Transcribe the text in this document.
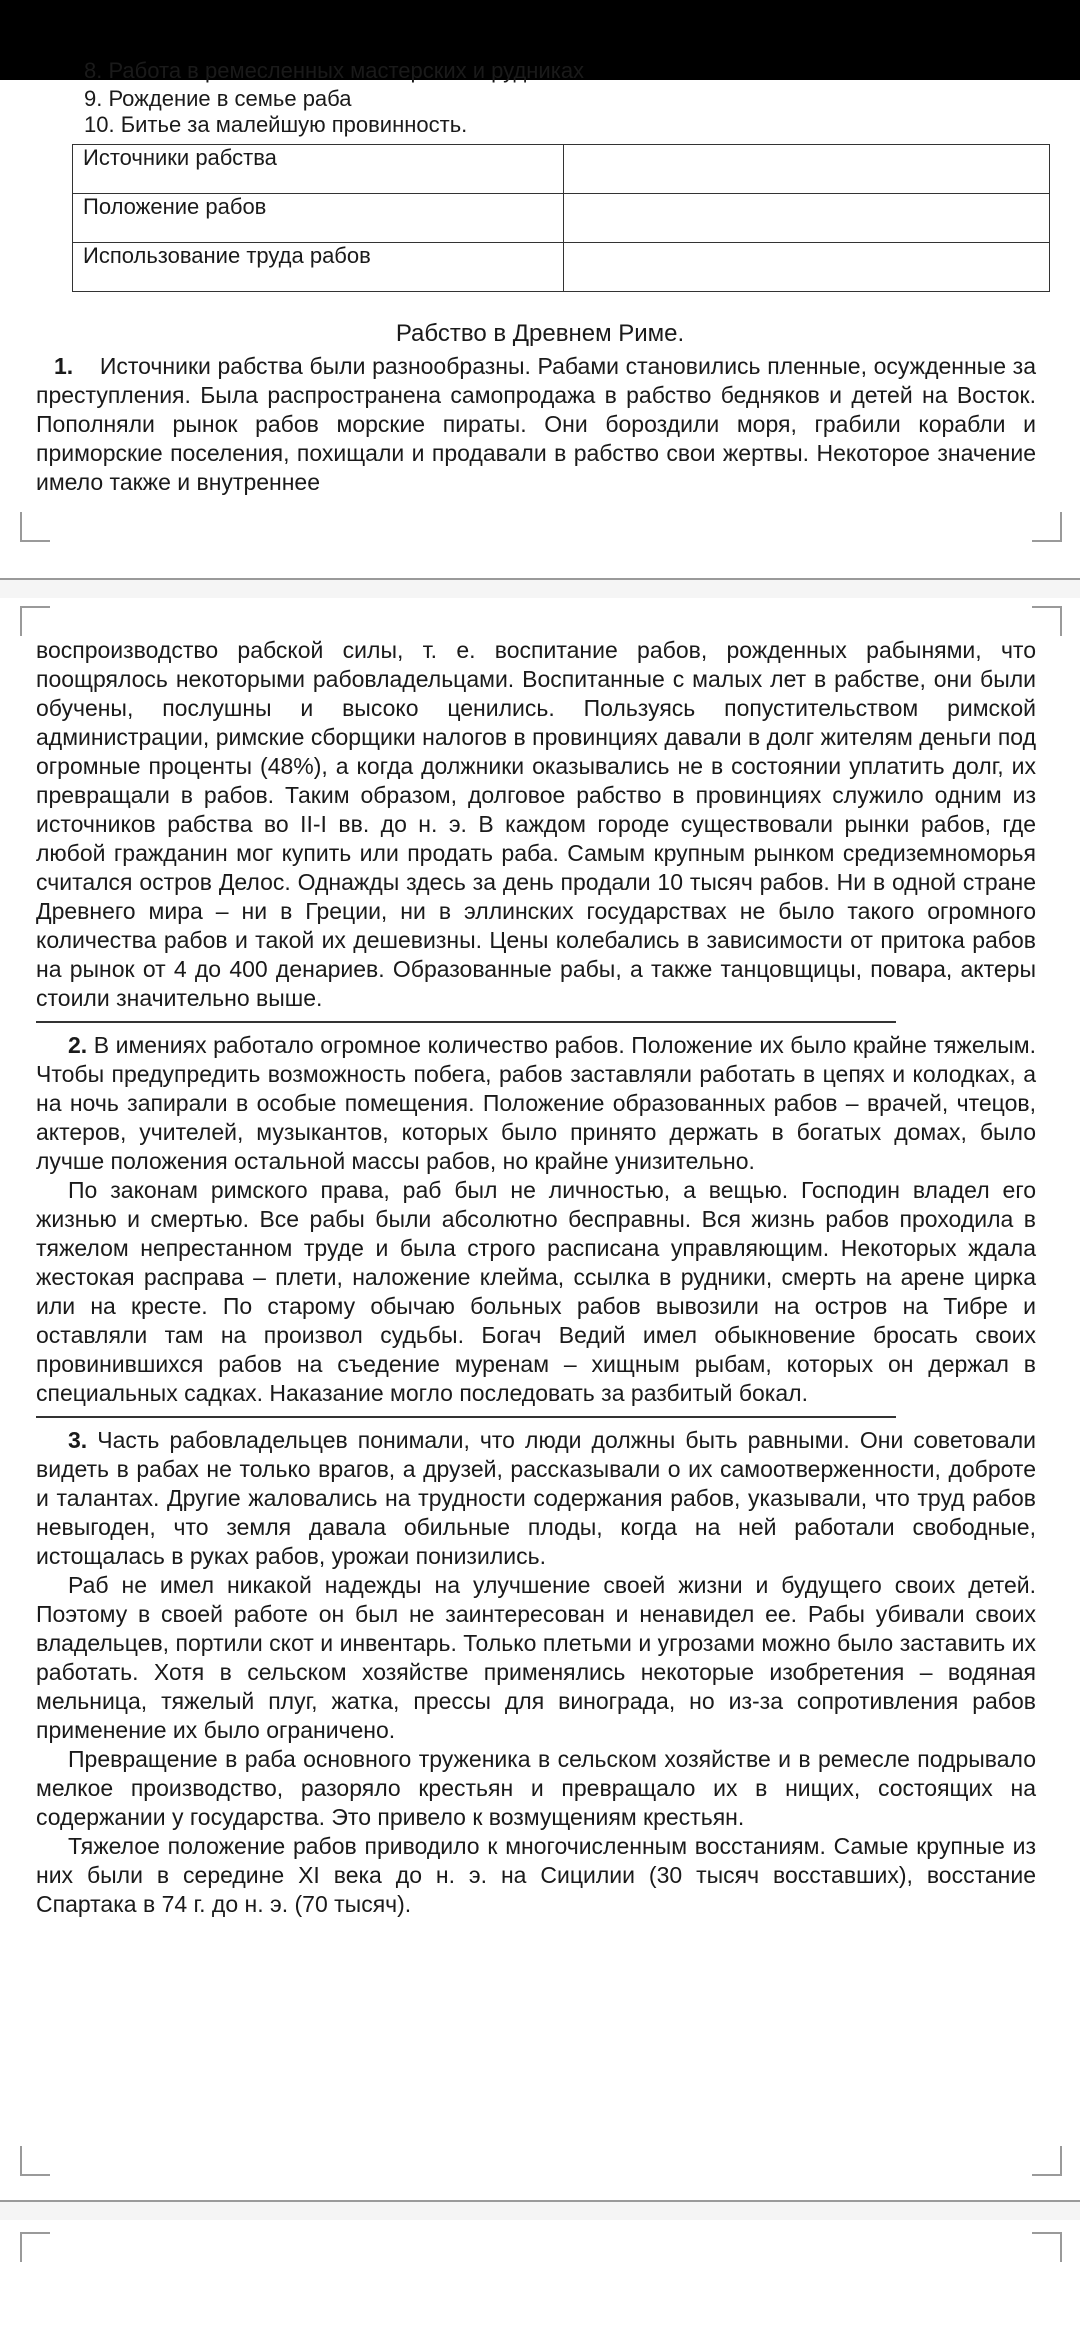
8. Работа в ремесленных мастерских и рудниках
9. Рождение в семье раба
10. Битье за малейшую провинность.
Источники рабства	
Положение рабов	
Использование труда рабов	
Рабство в Древнем Риме.
1. Источники рабства были разнообразны. Рабами становились пленные, осужденные за преступления. Была распространена самопродажа в рабство бедняков и детей на Восток. Пополняли рынок рабов морские пираты. Они бороздили моря, грабили корабли и приморские поселения, похищали и продавали в рабство свои жертвы. Некоторое значение имело также и внутреннее

воспроизводство рабской силы, т. е. воспитание рабов, рожденных рабынями, что поощрялось некоторыми рабовладельцами. Воспитанные с малых лет в рабстве, они были обучены, послушны и высоко ценились. Пользуясь попустительством римской администрации, римские сборщики налогов в провинциях давали в долг жителям деньги под огромные проценты (48%), а когда должники оказывались не в состоянии уплатить долг, их превращали в рабов. Таким образом, долговое рабство в провинциях служило одним из источников рабства во II-I вв. до н. э. В каждом городе существовали рынки рабов, где любой гражданин мог купить или продать раба. Самым крупным рынком средиземноморья считался остров Делос. Однажды здесь за день продали 10 тысяч рабов. Ни в одной стране Древнего мира – ни в Греции, ни в эллинских государствах не было такого огромного количества рабов и такой их дешевизны. Цены колебались в зависимости от притока рабов на рынок от 4 до 400 денариев. Образованные рабы, а также танцовщицы, повара, актеры стоили значительно выше.

2. В имениях работало огромное количество рабов. Положение их было крайне тяжелым. Чтобы предупредить возможность побега, рабов заставляли работать в цепях и колодках, а на ночь запирали в особые помещения. Положение образованных рабов – врачей, чтецов, актеров, учителей, музыкантов, которых было принято держать в богатых домах, было лучше положения остальной массы рабов, но крайне унизительно.

По законам римского права, раб был не личностью, а вещью. Господин владел его жизнью и смертью. Все рабы были абсолютно бесправны. Вся жизнь рабов проходила в тяжелом непрестанном труде и была строго расписана управляющим. Некоторых ждала жестокая расправа – плети, наложение клейма, ссылка в рудники, смерть на арене цирка или на кресте. По старому обычаю больных рабов вывозили на остров на Тибре и оставляли там на произвол судьбы. Богач Ведий имел обыкновение бросать своих провинившихся рабов на съедение муренам – хищным рыбам, которых он держал в специальных садках. Наказание могло последовать за разбитый бокал.

3. Часть рабовладельцев понимали, что люди должны быть равными. Они советовали видеть в рабах не только врагов, а друзей, рассказывали о их самоотверженности, доброте и талантах. Другие жаловались на трудности содержания рабов, указывали, что труд рабов невыгоден, что земля давала обильные плоды, когда на ней работали свободные, истощалась в руках рабов, урожаи понизились.

Раб не имел никакой надежды на улучшение своей жизни и будущего своих детей. Поэтому в своей работе он был не заинтересован и ненавидел ее. Рабы убивали своих владельцев, портили скот и инвентарь. Только плетьми и угрозами можно было заставить их работать. Хотя в сельском хозяйстве применялись некоторые изобретения – водяная мельница, тяжелый плуг, жатка, прессы для винограда, но из-за сопротивления рабов применение их было ограничено.

Превращение в раба основного труженика в сельском хозяйстве и в ремесле подрывало мелкое производство, разоряло крестьян и превращало их в нищих, состоящих на содержании у государства. Это привело к возмущениям крестьян.

Тяжелое положение рабов приводило к многочисленным восстаниям. Самые крупные из них были в середине XI века до н. э. на Сицилии (30 тысяч восставших), восстание Спартака в 74 г. до н. э. (70 тысяч).
